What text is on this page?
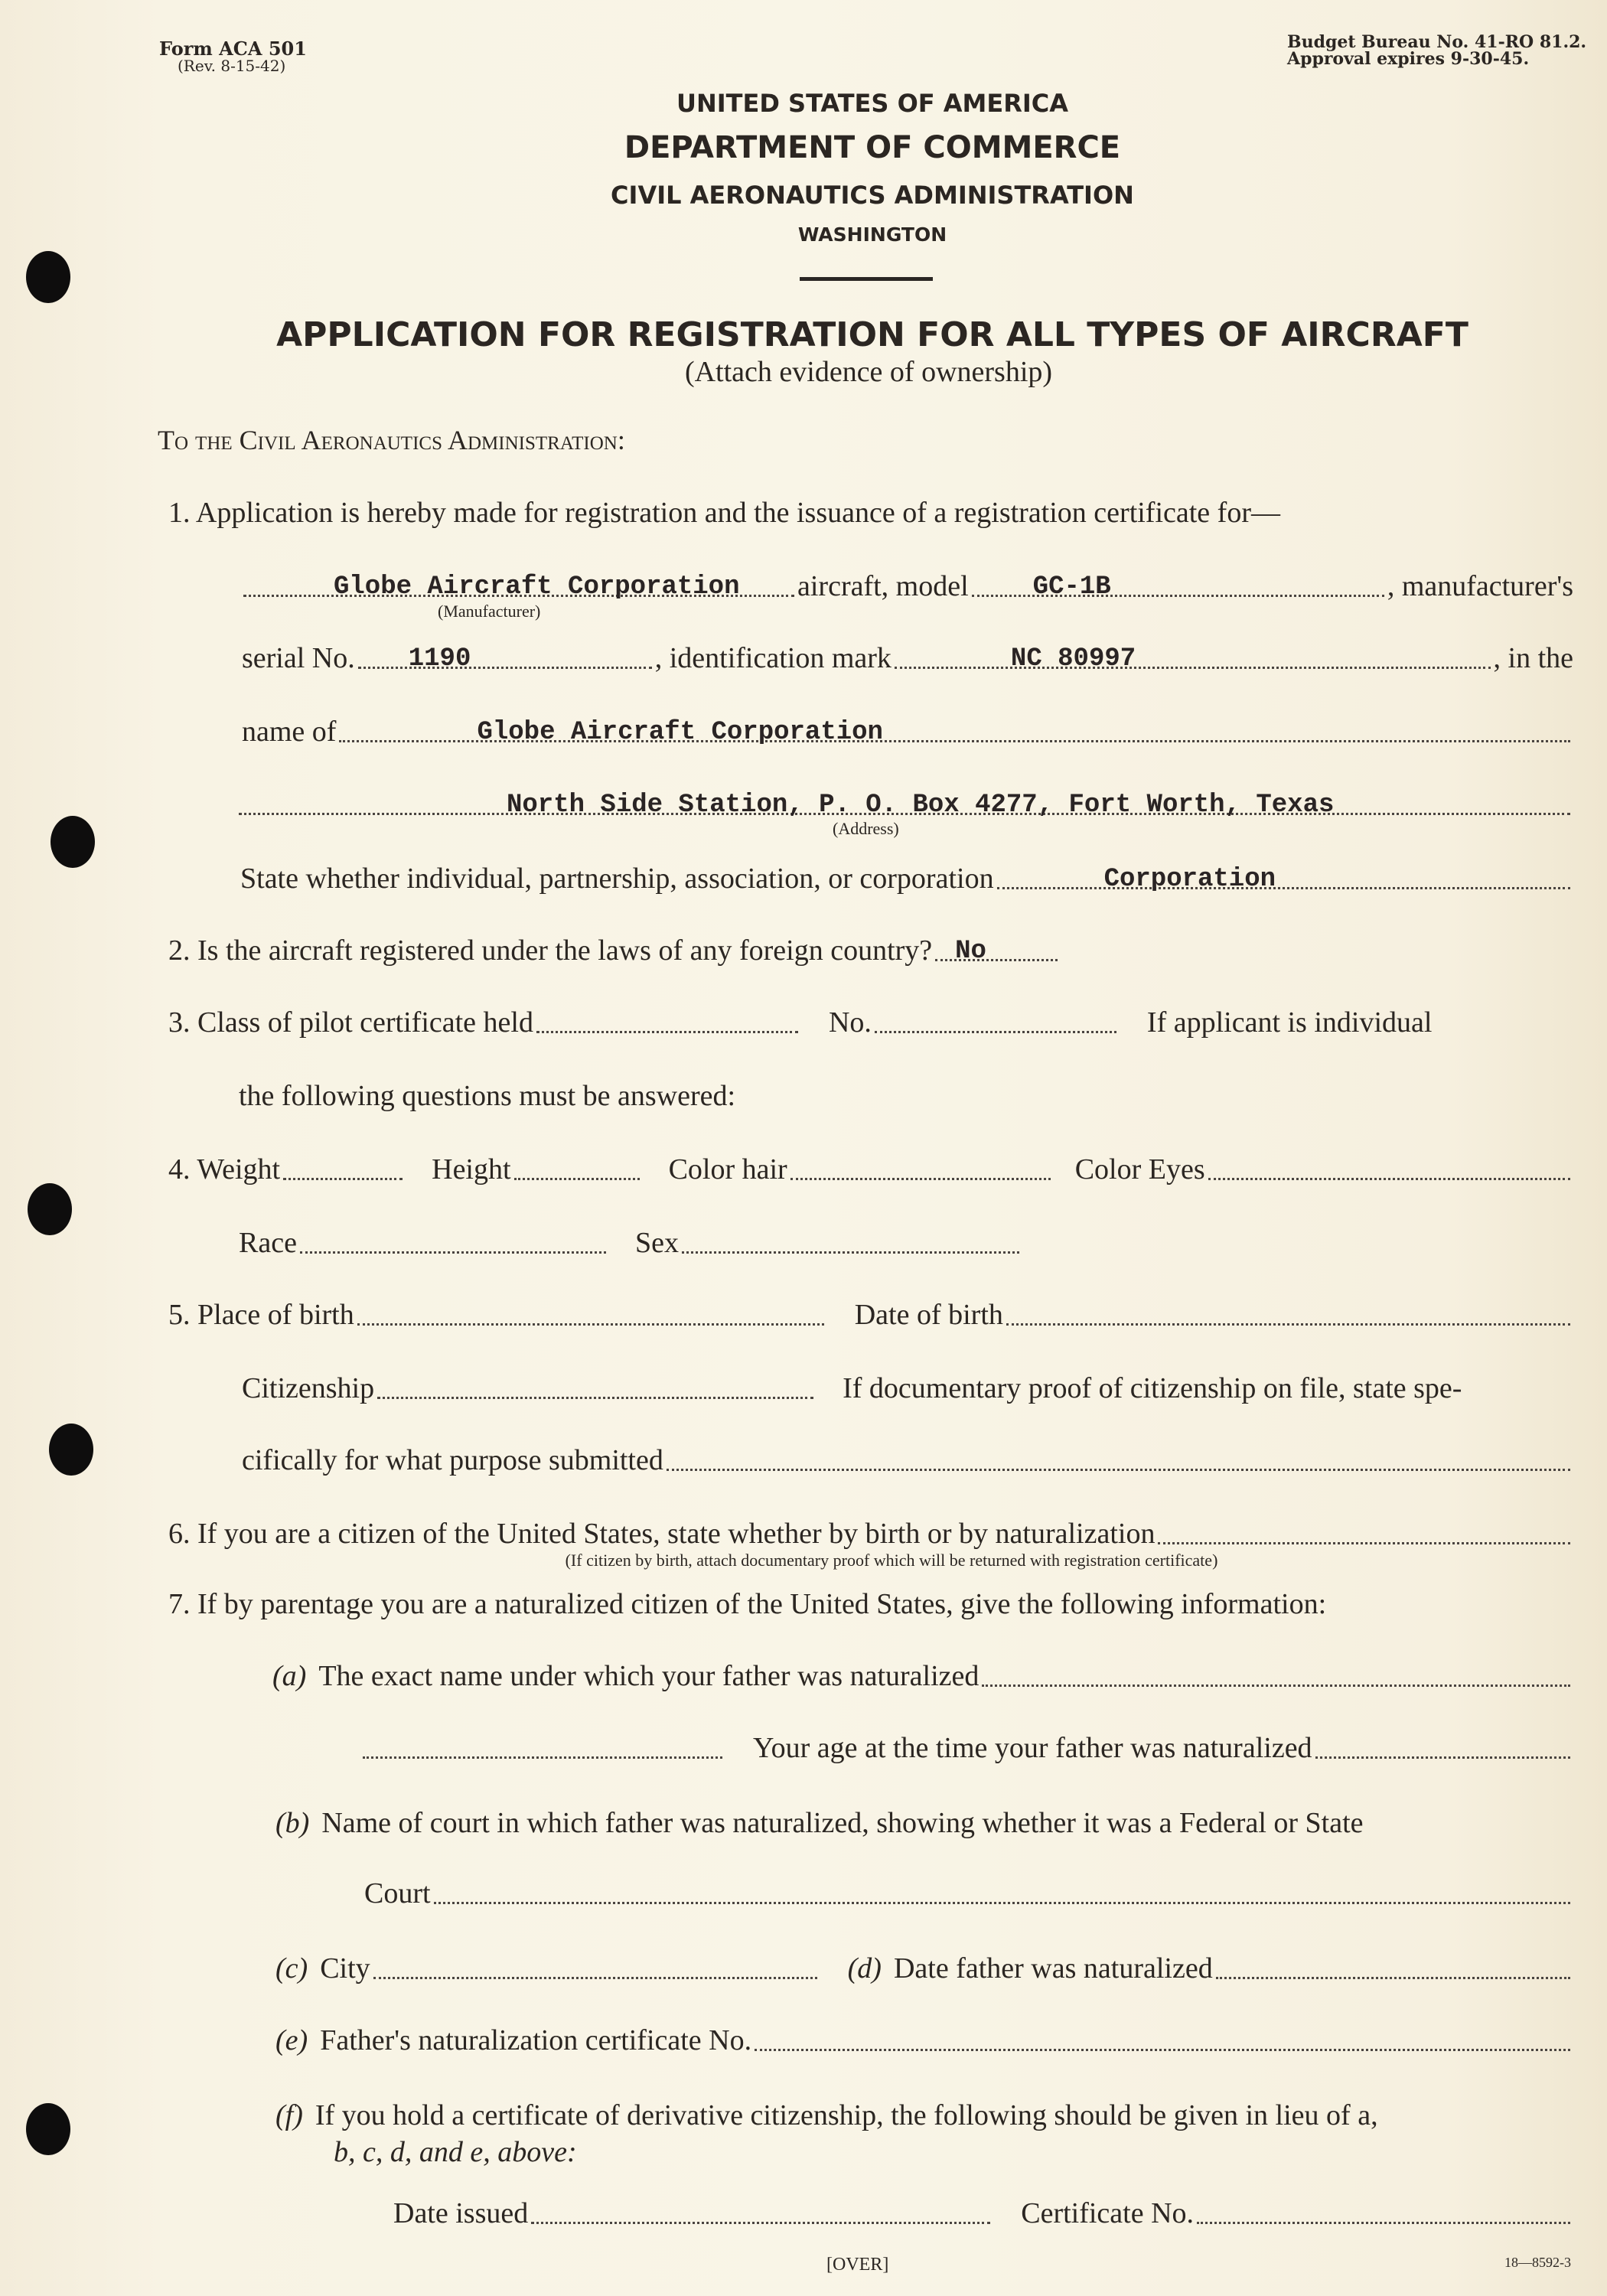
Form ACA 501
(Rev. 8-15-42)
Budget Bureau No. 41-RO 81.2.
Approval expires 9-30-45.
UNITED STATES OF AMERICA
DEPARTMENT OF COMMERCE
CIVIL AERONAUTICS ADMINISTRATION
WASHINGTON
APPLICATION FOR REGISTRATION FOR ALL TYPES OF AIRCRAFT
(Attach evidence of ownership)
To the Civil Aeronautics Administration:
1. Application is hereby made for registration and the issuance of a registration certificate for—
Globe Aircraft Corporation aircraft, model GC-1B	, manufacturer's
(Manufacturer)
serial No. 1190	, identification mark	NC 80997	, in the
name of	Globe Aircraft Corporation
North Side Station, P. O. Box 4277, Fort Worth, Texas
(Address)
State whether individual, partnership, association, or corporation	Corporation
2. Is the aircraft registered under the laws of any foreign country? No
3. Class of pilot certificate held	No.	If applicant is individual
the following questions must be answered:
4. Weight	Height	Color hair	Color Eyes
Race	Sex
5. Place of birth	Date of birth
Citizenship	If documentary proof of citizenship on file, state spe-
cifically for what purpose submitted
6. If you are a citizen of the United States, state whether by birth or by naturalization
(If citizen by birth, attach documentary proof which will be returned with registration certificate)
7. If by parentage you are a naturalized citizen of the United States, give the following information:
(a) The exact name under which your father was naturalized
Your age at the time your father was naturalized
(b) Name of court in which father was naturalized, showing whether it was a Federal or State
Court
(c) City	(d) Date father was naturalized
(e) Father's naturalization certificate No.
(f) If you hold a certificate of derivative citizenship, the following should be given in lieu of a,
b, c, d, and e, above:
Date issued	Certificate No.
[OVER]	18—8592-3
